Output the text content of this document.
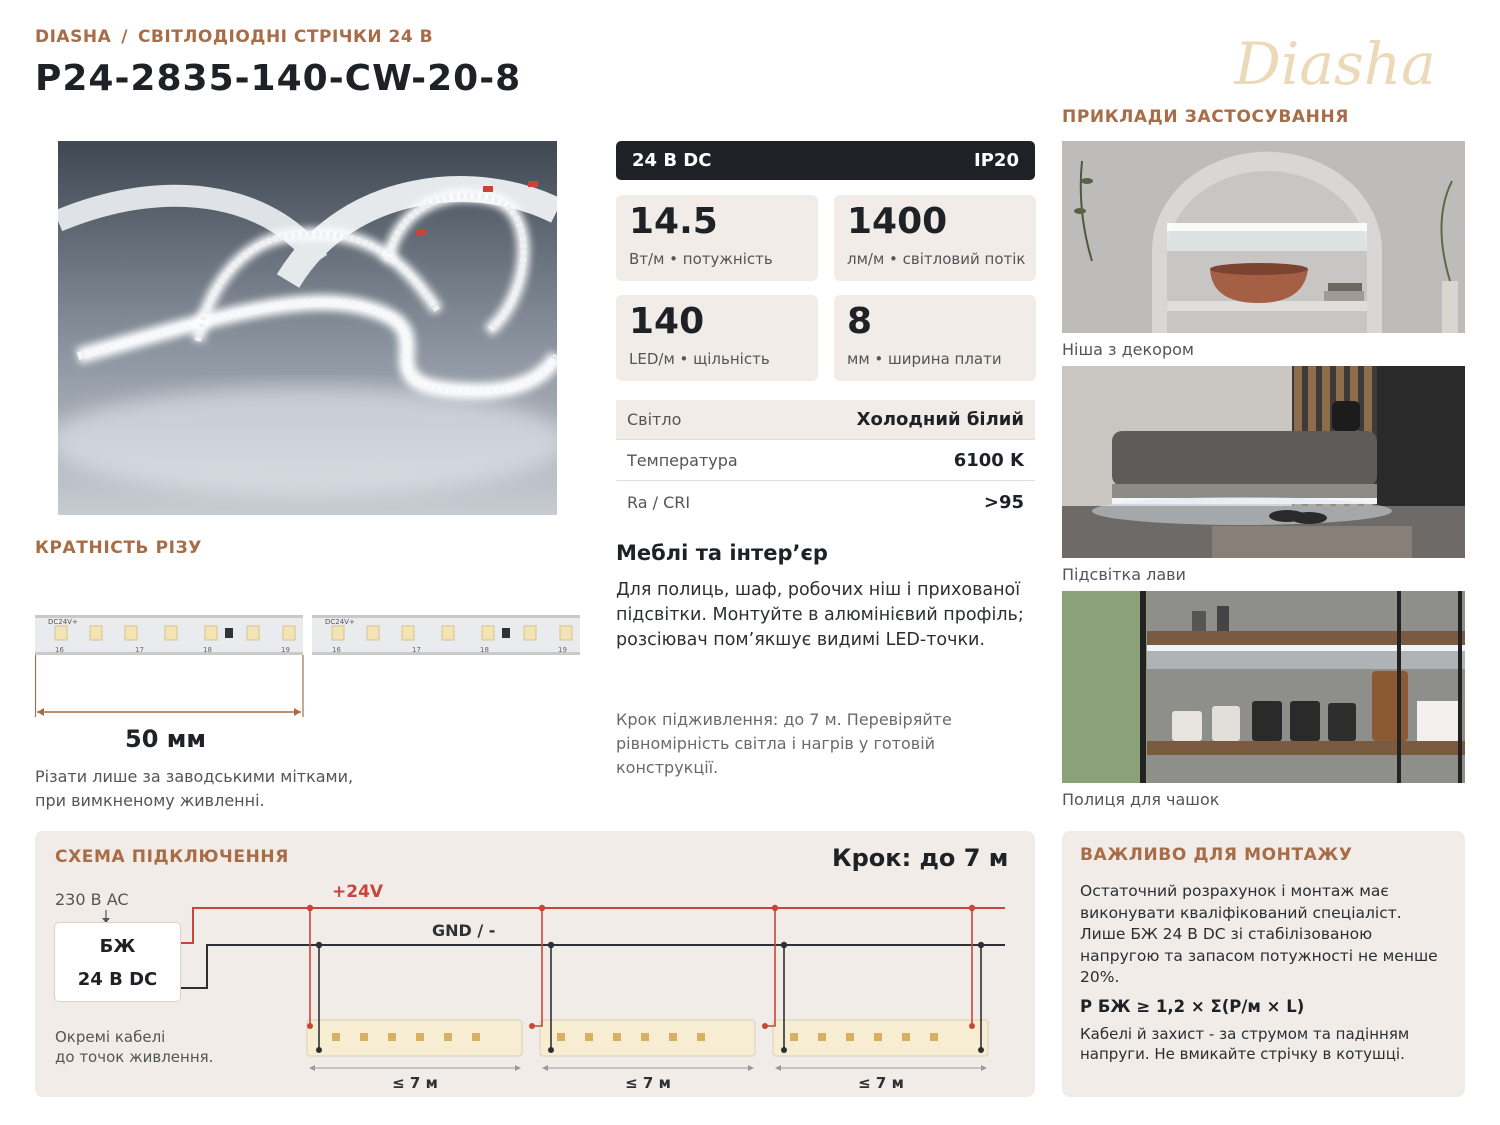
DIASHA / СВІТЛОДІОДНІ СТРІЧКИ 24 В
P24-2835-140-CW-20-8	Diasha
24 В DC	IP20
14.5
Вт/м • потужність
1400
лм/м • світловий потік
140
LED/м • щільність
8
мм • ширина плати
Світло	Холодний білий
Температура	6100 K
Ra / CRI	>95
Меблі та інтер’єр
Для полиць, шаф, робочих ніш і прихованої підсвітки. Монтуйте в алюмінієвий профіль; розсіювач пом’якшує видимі LED-точки.
Крок підживлення: до 7 м. Перевіряйте рівномірність світла і нагрів у готовій конструкції.
КРАТНІСТЬ РІЗУ
DC24V+	DC24V+
16	17	18	19	16	17	18	19
50 мм
Різати лише за заводськими мітками,
при вимкненому живленні.
ПРИКЛАДИ ЗАСТОСУВАННЯ
Ніша з декором
Підсвітка лави
Полиця для чашок
СХЕМА ПІДКЛЮЧЕННЯ	Крок: до 7 м
230 В AC	+24V
GND / -
≤ 7 м	≤ 7 м	≤ 7 м
БЖ
24 В DC
Окремі кабелі
до точок живлення.
ВАЖЛИВО ДЛЯ МОНТАЖУ
Остаточний розрахунок і монтаж має виконувати кваліфікований спеціаліст. Лише БЖ 24 В DC зі стабілізованою напругою та запасом потужності не менше 20%.
P БЖ ≥ 1,2 × Σ(P/м × L)
Кабелі й захист - за струмом та падінням напруги. Не вмикайте стрічку в котушці.
